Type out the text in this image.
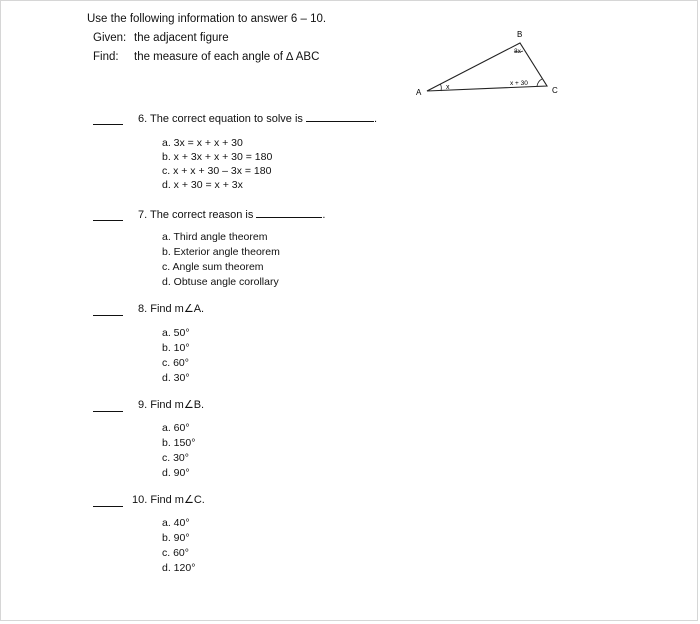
Use the following information to answer 6 – 10.
Given: the adjacent figure
Find: the measure of each angle of ∆ ABC
A
B
C
x
3x
x + 30
6. The correct equation to solve is	.
a. 3x = x + x + 30
b. x + 3x + x + 30 = 180
c. x + x + 30 – 3x = 180
d. x + 30 = x + 3x
7. The correct reason is	.
a. Third angle theorem
b. Exterior angle theorem
c. Angle sum theorem
d. Obtuse angle corollary
8. Find m∠A.
a. 50°
b. 10°
c. 60°
d. 30°
9. Find m∠B.
a. 60°
b. 150°
c. 30°
d. 90°
10. Find m∠C.
a. 40°
b. 90°
c. 60°
d. 120°
